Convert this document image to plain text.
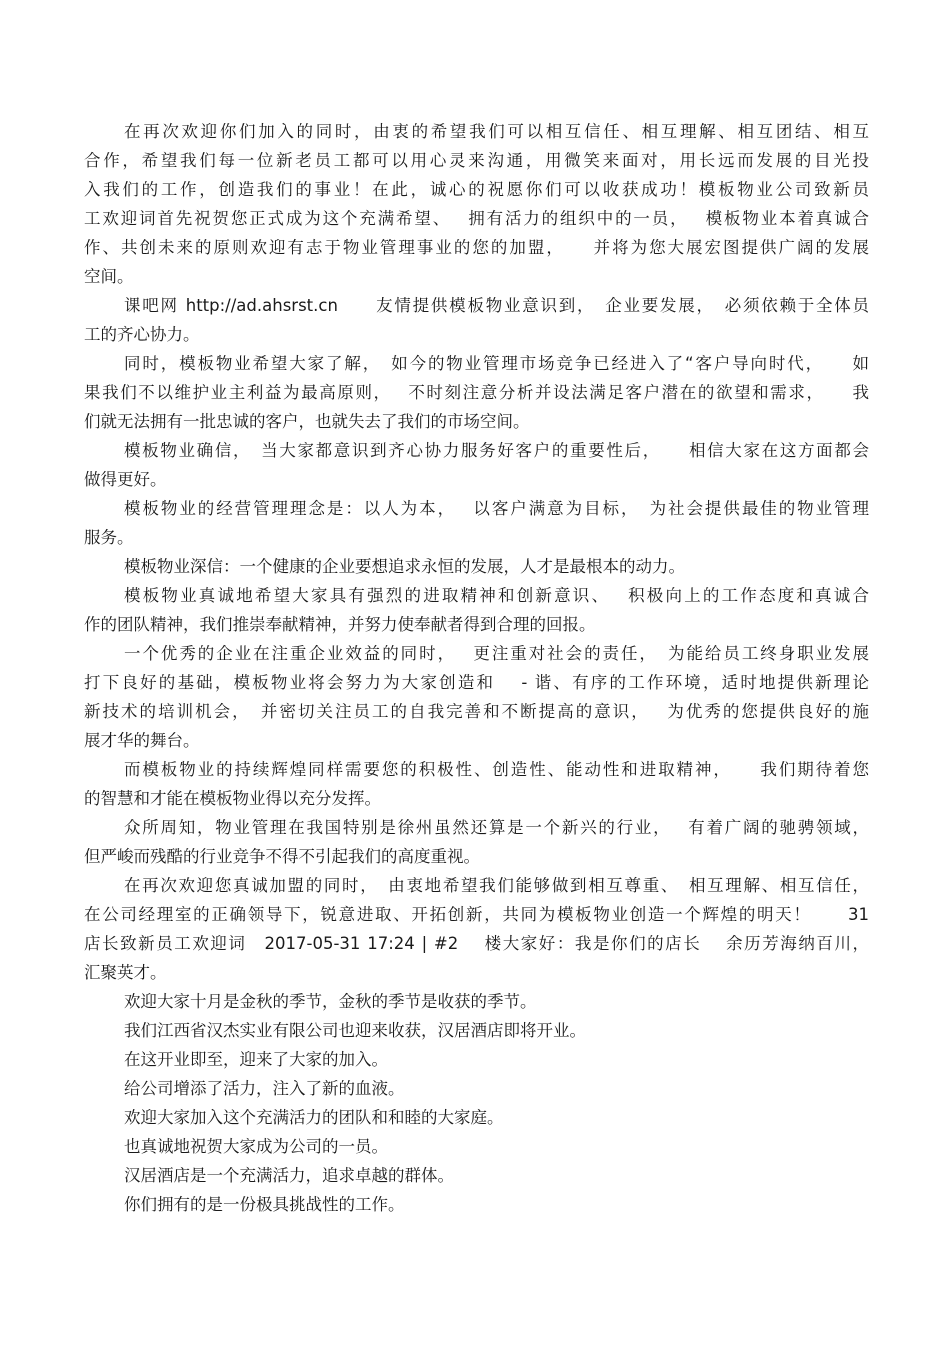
在再次欢迎你们加入的同时，由衷的希望我们可以相互信任、相互理解、相互团结、相互
合作，希望我们每一位新老员工都可以用心灵来沟通，用微笑来面对，用长远而发展的目光投
入我们的工作，创造我们的事业！在此，诚心的祝愿你们可以收获成功！模板物业公司致新员
工欢迎词首先祝贺您正式成为这个充满希望、　 拥有活力的组织中的一员，　 模板物业本着真诚合
作、共创未来的原则欢迎有志于物业管理事业的您的加盟，　　并将为您大展宏图提供广阔的发展
空间。
课吧网 http://ad.ahsrst.cn　　友情提供模板物业意识到，　企业要发展，　必须依赖于全体员
工的齐心协力。
同时，模板物业希望大家了解，　如今的物业管理市场竞争已经进入了“客户导向时代，　　如
果我们不以维护业主利益为最高原则，　 不时刻注意分析并设法满足客户潜在的欲望和需求，　　我
们就无法拥有一批忠诚的客户，也就失去了我们的市场空间。
模板物业确信，　当大家都意识到齐心协力服务好客户的重要性后，　　相信大家在这方面都会
做得更好。
模板物业的经营管理理念是：以人为本，　 以客户满意为目标，　为社会提供最佳的物业管理
服务。
模板物业深信：一个健康的企业要想追求永恒的发展，人才是最根本的动力。
模板物业真诚地希望大家具有强烈的进取精神和创新意识、　 积极向上的工作态度和真诚合
作的团队精神，我们推崇奉献精神，并努力使奉献者得到合理的回报。
一个优秀的企业在注重企业效益的同时，　 更注重对社会的责任，　为能给员工终身职业发展
打下良好的基础，模板物业将会努力为大家创造和　 - 谐、有序的工作环境，适时地提供新理论
新技术的培训机会，　并密切关注员工的自我完善和不断提高的意识，　 为优秀的您提供良好的施
展才华的舞台。
而模板物业的持续辉煌同样需要您的积极性、创造性、能动性和进取精神，　　我们期待着您
的智慧和才能在模板物业得以充分发挥。
众所周知，物业管理在我国特别是徐州虽然还算是一个新兴的行业，　 有着广阔的驰骋领域，
但严峻而残酷的行业竞争不得不引起我们的高度重视。
在再次欢迎您真诚加盟的同时，　由衷地希望我们能够做到相互尊重、　相互理解、相互信任，
在公司经理室的正确领导下，锐意进取、开拓创新，共同为模板物业创造一个辉煌的明天！　　31
店长致新员工欢迎词　2017-05-31 17:24 | #2　 楼大家好：我是你们的店长　 余历芳海纳百川，
汇聚英才。
欢迎大家十月是金秋的季节，金秋的季节是收获的季节。
我们江西省汉杰实业有限公司也迎来收获，汉居酒店即将开业。
在这开业即至，迎来了大家的加入。
给公司增添了活力，注入了新的血液。
欢迎大家加入这个充满活力的团队和和睦的大家庭。
也真诚地祝贺大家成为公司的一员。
汉居酒店是一个充满活力，追求卓越的群体。
你们拥有的是一份极具挑战性的工作。
